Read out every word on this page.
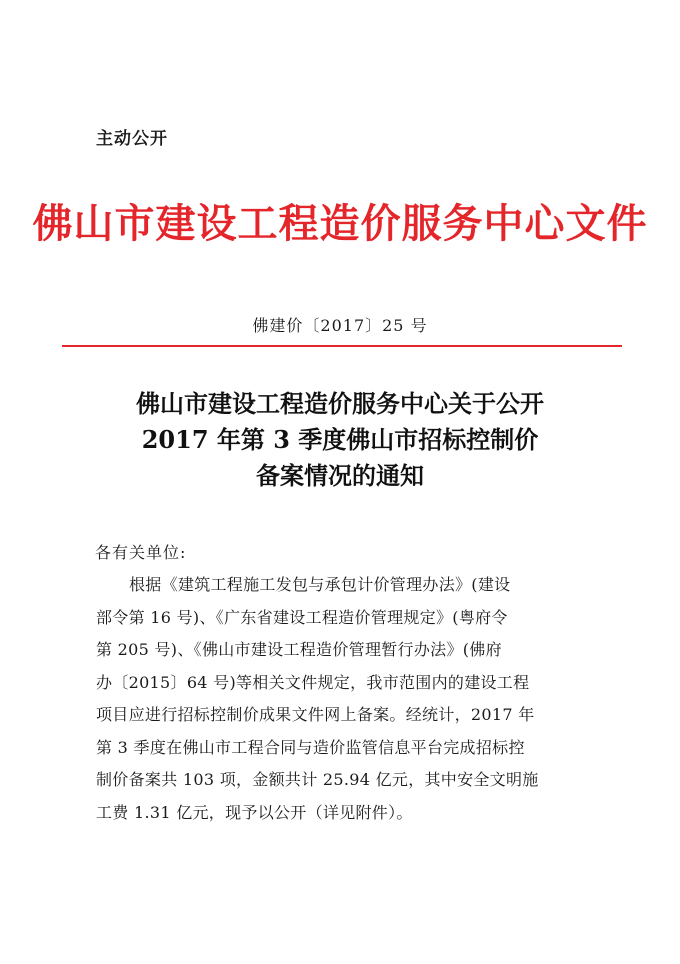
主动公开
佛山市建设工程造价服务中心文件
佛建价〔2017〕25 号
佛山市建设工程造价服务中心关于公开
2017 年第 3 季度佛山市招标控制价
备案情况的通知
各有关单位:
根据《建筑工程施工发包与承包计价管理办法》(建设
部令第 16 号)、《广东省建设工程造价管理规定》(粤府令
第 205 号)、《佛山市建设工程造价管理暂行办法》(佛府
办〔2015〕64 号)等相关文件规定，我市范围内的建设工程
项目应进行招标控制价成果文件网上备案。经统计，2017 年
第 3 季度在佛山市工程合同与造价监管信息平台完成招标控
制价备案共 103 项，金额共计 25.94 亿元，其中安全文明施
工费 1.31 亿元，现予以公开（详见附件）。
